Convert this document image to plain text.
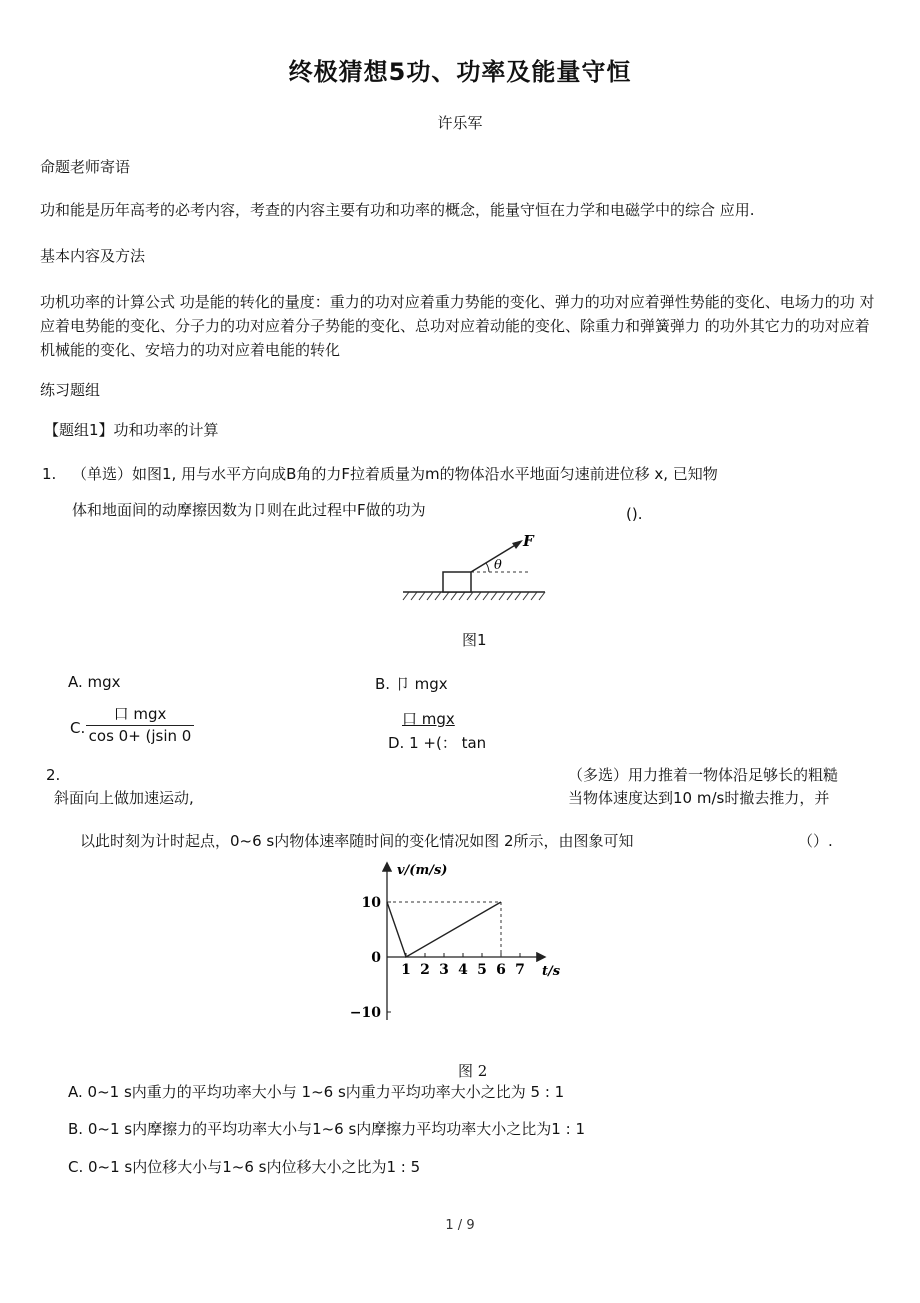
终极猜想5功、功率及能量守恒
许乐军
命题老师寄语
功和能是历年高考的必考内容，考查的内容主要有功和功率的概念，能量守恒在力学和电磁学中的综合 应用.
基本内容及方法
功机功率的计算公式 功是能的转化的量度：重力的功对应着重力势能的变化、弹力的功对应着弹性势能的变化、电场力的功 对应着电势能的变化、分子力的功对应着分子势能的变化、总功对应着动能的变化、除重力和弹簧弹力 的功外其它力的功对应着机械能的变化、安培力的功对应着电能的转化
练习题组
【题组1】功和功率的计算
1. （单选）如图1, 用与水平方向成B角的力F拉着质量为m的物体沿水平地面匀速前进位移 x, 已知物
体和地面间的动摩擦因数为卩则在此过程中F做的功为	().
F
θ
图1
A. mgx	B. 卩 mgx
C.
口 mgx
cos 0+ (jsin 0
口 mgx
D. 1 +(： tan
2.	（多选）用力推着一物体沿足够长的粗糙
斜面向上做加速运动,	当物体速度达到10 m/s时撤去推力，并
以此时刻为计时起点，0~6 s内物体速率随时间的变化情况如图 2所示，由图象可知	（）.
v/(m/s)
t/s
1 2 3 4 5 6 7
10
0
−10
图 2
A. 0~1 s内重力的平均功率大小与 1~6 s内重力平均功率大小之比为 5 : 1
B. 0~1 s内摩擦力的平均功率大小与1~6 s内摩擦力平均功率大小之比为1 : 1
C. 0~1 s内位移大小与1~6 s内位移大小之比为1 : 5
1 / 9
